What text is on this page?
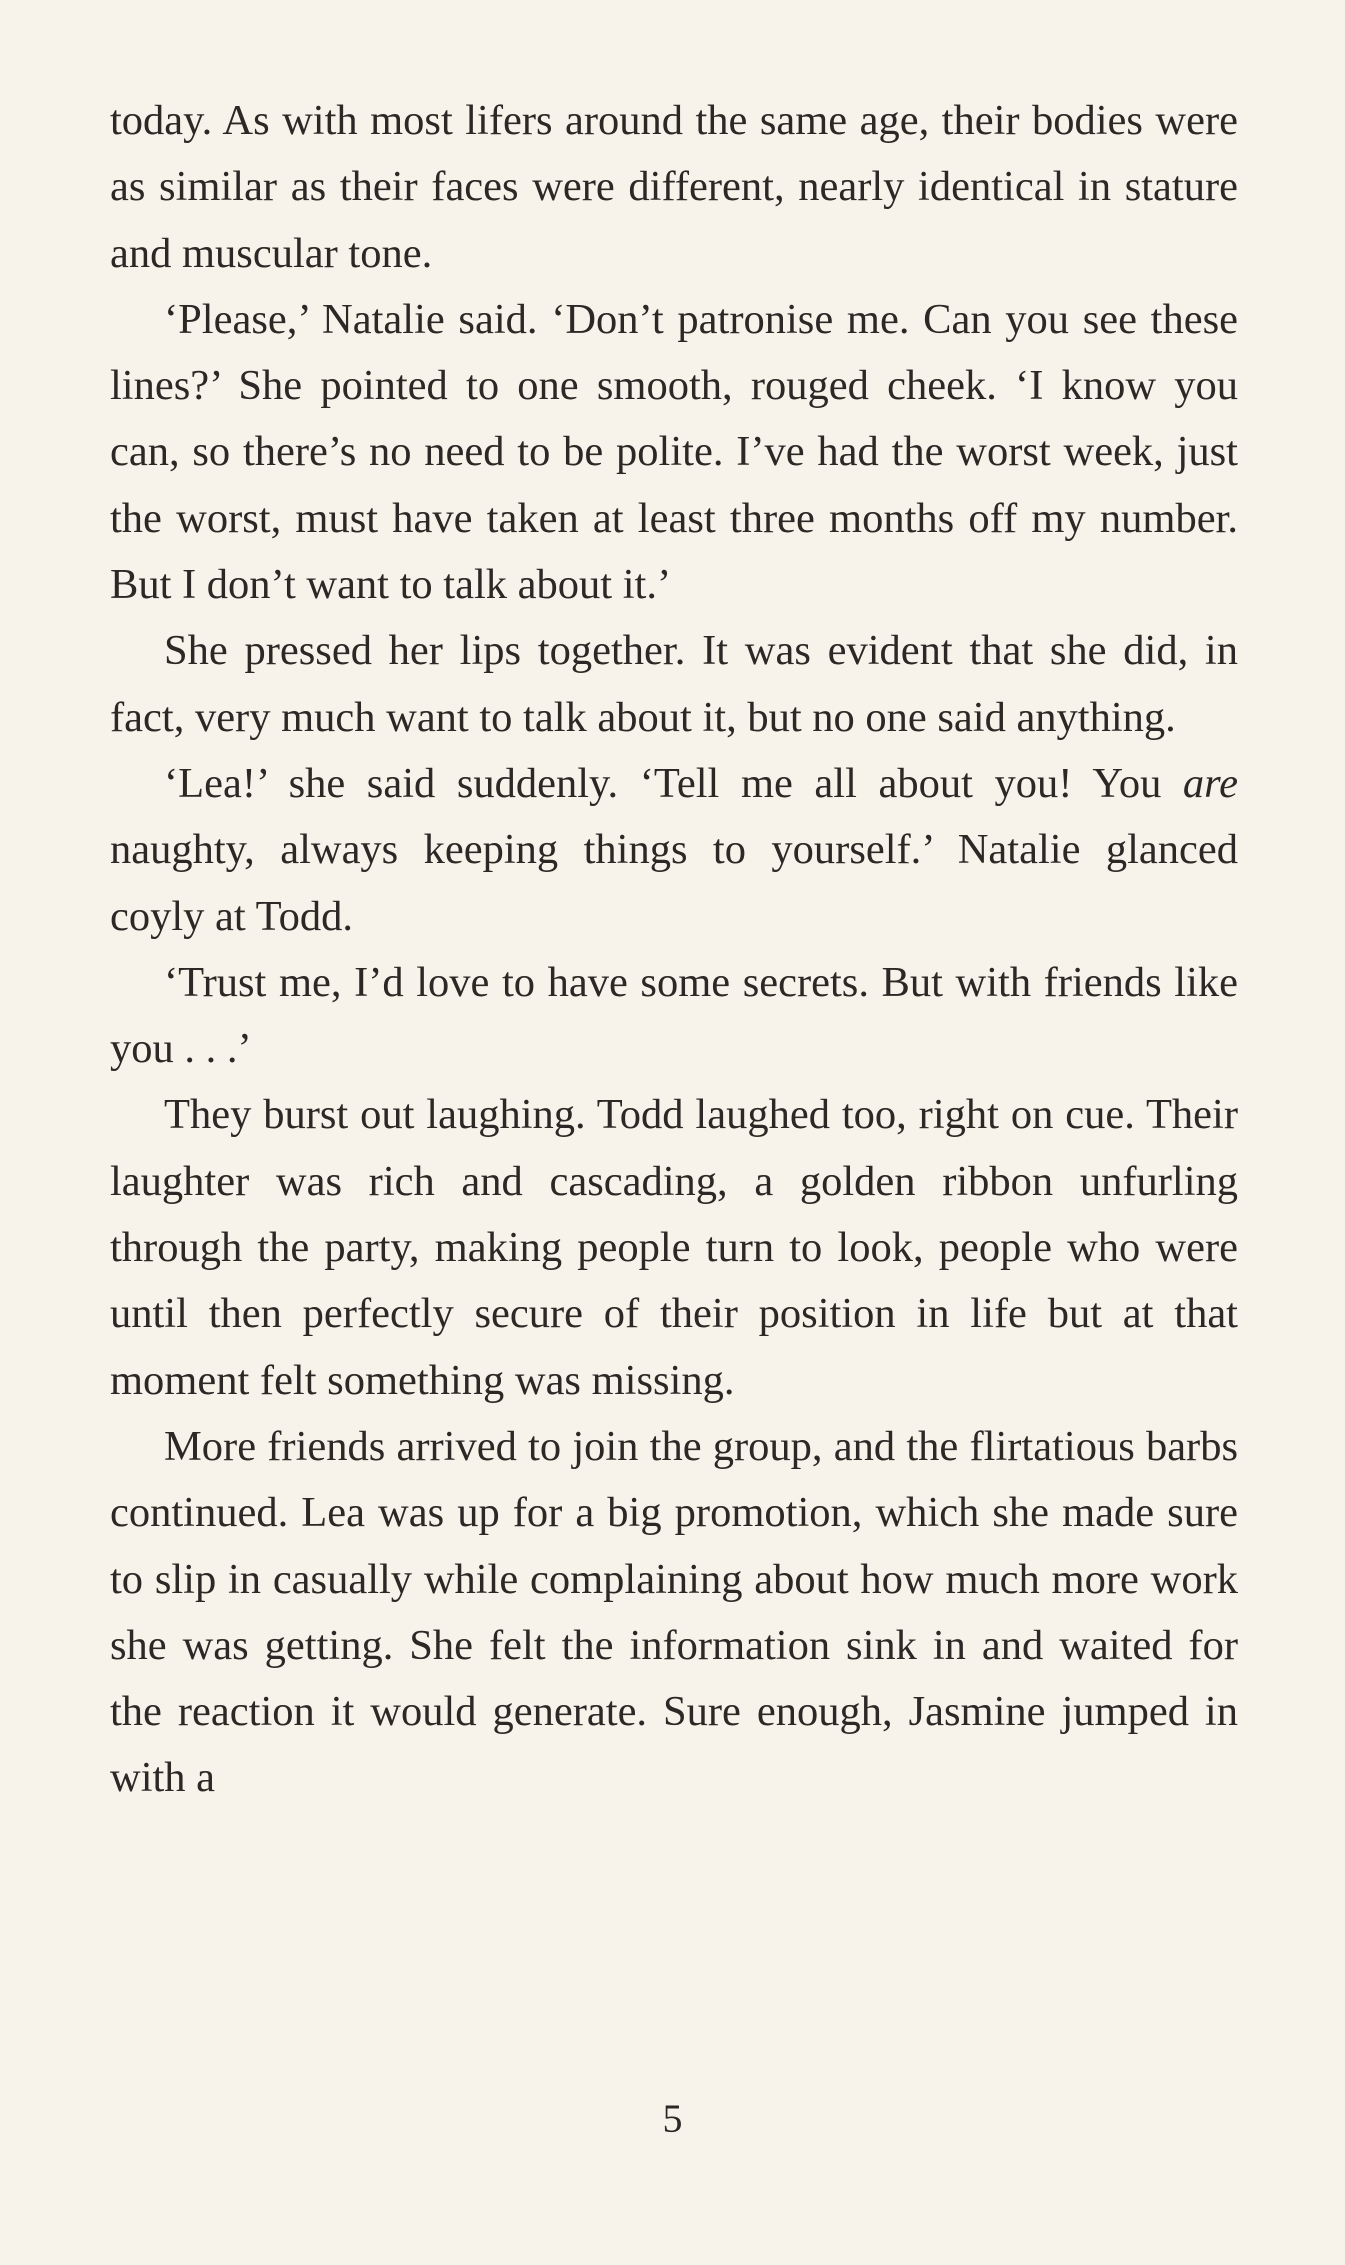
today. As with most lifers around the same age, their bodies were as similar as their faces were different, nearly identical in stature and muscular tone.

‘Please,’ Natalie said. ‘Don’t patronise me. Can you see these lines?’ She pointed to one smooth, rouged cheek. ‘I know you can, so there’s no need to be polite. I’ve had the worst week, just the worst, must have taken at least three months off my number. But I don’t want to talk about it.’

She pressed her lips together. It was evident that she did, in fact, very much want to talk about it, but no one said anything.

‘Lea!’ she said suddenly. ‘Tell me all about you! You are naughty, always keeping things to yourself.’ Natalie glanced coyly at Todd.

‘Trust me, I’d love to have some secrets. But with friends like you . . .’

They burst out laughing. Todd laughed too, right on cue. Their laughter was rich and cascading, a golden ribbon unfurling through the party, making people turn to look, people who were until then perfectly secure of their position in life but at that moment felt something was missing.

More friends arrived to join the group, and the flirtatious barbs continued. Lea was up for a big promotion, which she made sure to slip in casually while complaining about how much more work she was getting. She felt the information sink in and waited for the reaction it would generate. Sure enough, Jasmine jumped in with a

5
